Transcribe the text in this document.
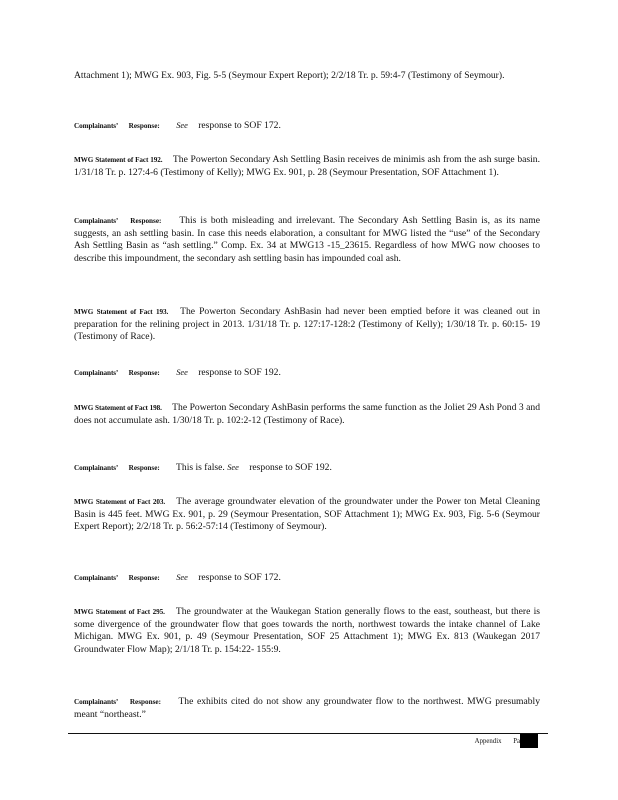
Attachment 1); MWG Ex. 903, Fig. 5-5 (Seymour Expert Report); 2/2/18 Tr. p. 59:4-7 (Testimony of Seymour).

Complainants’ Response: See response to SOF 172.

MWG Statement of Fact 192. The Powerton Secondary Ash Settling Basin receives de minimis ash from the ash surge basin. 1/31/18 Tr. p. 127:4-6 (Testimony of Kelly); MWG Ex. 901, p. 28 (Seymour Presentation, SOF Attachment 1).

Complainants’ Response: This is both misleading and irrelevant. The Secondary Ash Settling Basin is, as its name suggests, an ash settling basin. In case this needs elaboration, a consultant for MWG listed the “use” of the Secondary Ash Settling Basin as “ash settling.” Comp. Ex. 34 at MWG13 -15_23615. Regardless of how MWG now chooses to describe this impoundment, the secondary ash settling basin has impounded coal ash.

MWG Statement of Fact 193. The Powerton Secondary AshBasin had never been emptied before it was cleaned out in preparation for the relining project in 2013. 1/31/18 Tr. p. 127:17-128:2 (Testimony of Kelly); 1/30/18 Tr. p. 60:15- 19 (Testimony of Race).

Complainants’ Response: See response to SOF 192.

MWG Statement of Fact 198. The Powerton Secondary AshBasin performs the same function as the Joliet 29 Ash Pond 3 and does not accumulate ash. 1/30/18 Tr. p. 102:2-12 (Testimony of Race).

Complainants’ Response: This is false. See response to SOF 192.

MWG Statement of Fact 203. The average groundwater elevation of the groundwater under the Power ton Metal Cleaning Basin is 445 feet. MWG Ex. 901, p. 29 (Seymour Presentation, SOF Attachment 1); MWG Ex. 903, Fig. 5-6 (Seymour Expert Report); 2/2/18 Tr. p. 56:2-57:14 (Testimony of Seymour).

Complainants’ Response: See response to SOF 172.

MWG Statement of Fact 295. The groundwater at the Waukegan Station generally flows to the east, southeast, but there is some divergence of the groundwater flow that goes towards the north, northwest towards the intake channel of Lake Michigan. MWG Ex. 901, p. 49 (Seymour Presentation, SOF 25 Attachment 1); MWG Ex. 813 (Waukegan 2017 Groundwater Flow Map); 2/1/18 Tr. p. 154:22- 155:9.

Complainants’ Response: The exhibits cited do not show any groundwater flow to the northwest. MWG presumably meant “northeast.”

Appendix Pa
